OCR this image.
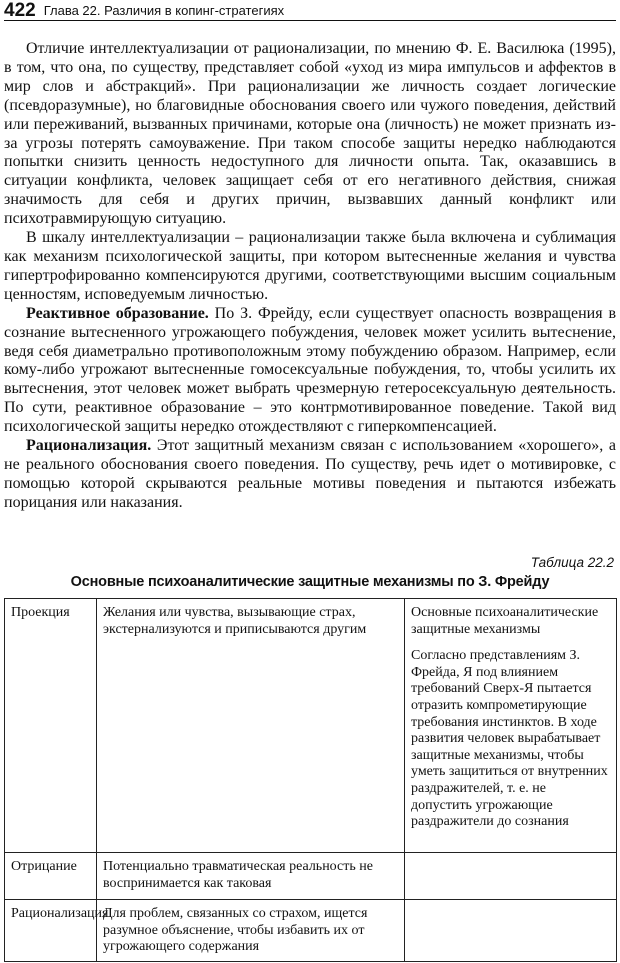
422 Глава 22. Различия в копинг-стратегиях

Отличие интеллектуализации от рационализации, по мнению Ф. Е. Василюка (1995), в том, что она, по существу, представляет собой «уход из мира импульсов и аффектов в мир слов и абстракций». При рационализации же личность создает логические (псевдоразумные), но благовидные обоснования своего или чужого поведения, действий или переживаний, вызванных причинами, которые она (личность) не может признать из-за угрозы потерять самоуважение. При таком способе защиты нередко наблюдаются попытки снизить ценность недоступного для личности опыта. Так, оказавшись в ситуации конфликта, человек защищает себя от его негативного действия, снижая значимость для себя и других причин, вызвавших данный конфликт или психотравмирующую ситуацию.

В шкалу интеллектуализации – рационализации также была включена и сублимация как механизм психологической защиты, при котором вытесненные желания и чувства гипертрофированно компенсируются другими, соответствующими высшим социальным ценностям, исповедуемым личностью.

Реактивное образование. По З. Фрейду, если существует опасность возвращения в сознание вытесненного угрожающего побуждения, человек может усилить вытеснение, ведя себя диаметрально противоположным этому побуждению образом. Например, если кому-либо угрожают вытесненные гомосексуальные побуждения, то, чтобы усилить их вытеснения, этот человек может выбрать чрезмерную гетеросексуальную деятельность. По сути, реактивное образование – это контрмотивированное поведение. Такой вид психологической защиты нередко отождествляют с гиперкомпенсацией.

Рационализация. Этот защитный механизм связан с использованием «хорошего», а не реального обоснования своего поведения. По существу, речь идет о мотивировке, с помощью которой скрываются реальные мотивы поведения и пытаются избежать порицания или наказания.

Таблица 22.2
Основные психоаналитические защитные механизмы по З. Фрейду
Проекция	Желания или чувства, вызывающие страх, экстернализуются и приписываются другим	Основные психоаналитические защитные механизмы
Согласно представлениям З. Фрейда, Я под влиянием требований Сверх-Я пытается отразить компрометирующие требования инстинктов. В ходе развития человек вырабатывает защитные механизмы, чтобы уметь защититься от внутренних раздражителей, т. е. не допустить угрожающие раздражители до сознания

Отрицание	Потенциально травматическая реальность не воспринимается как таковая	
Рационализация	Для проблем, связанных со страхом, ищется разумное объяснение, чтобы избавить их от угрожающего содержания	
